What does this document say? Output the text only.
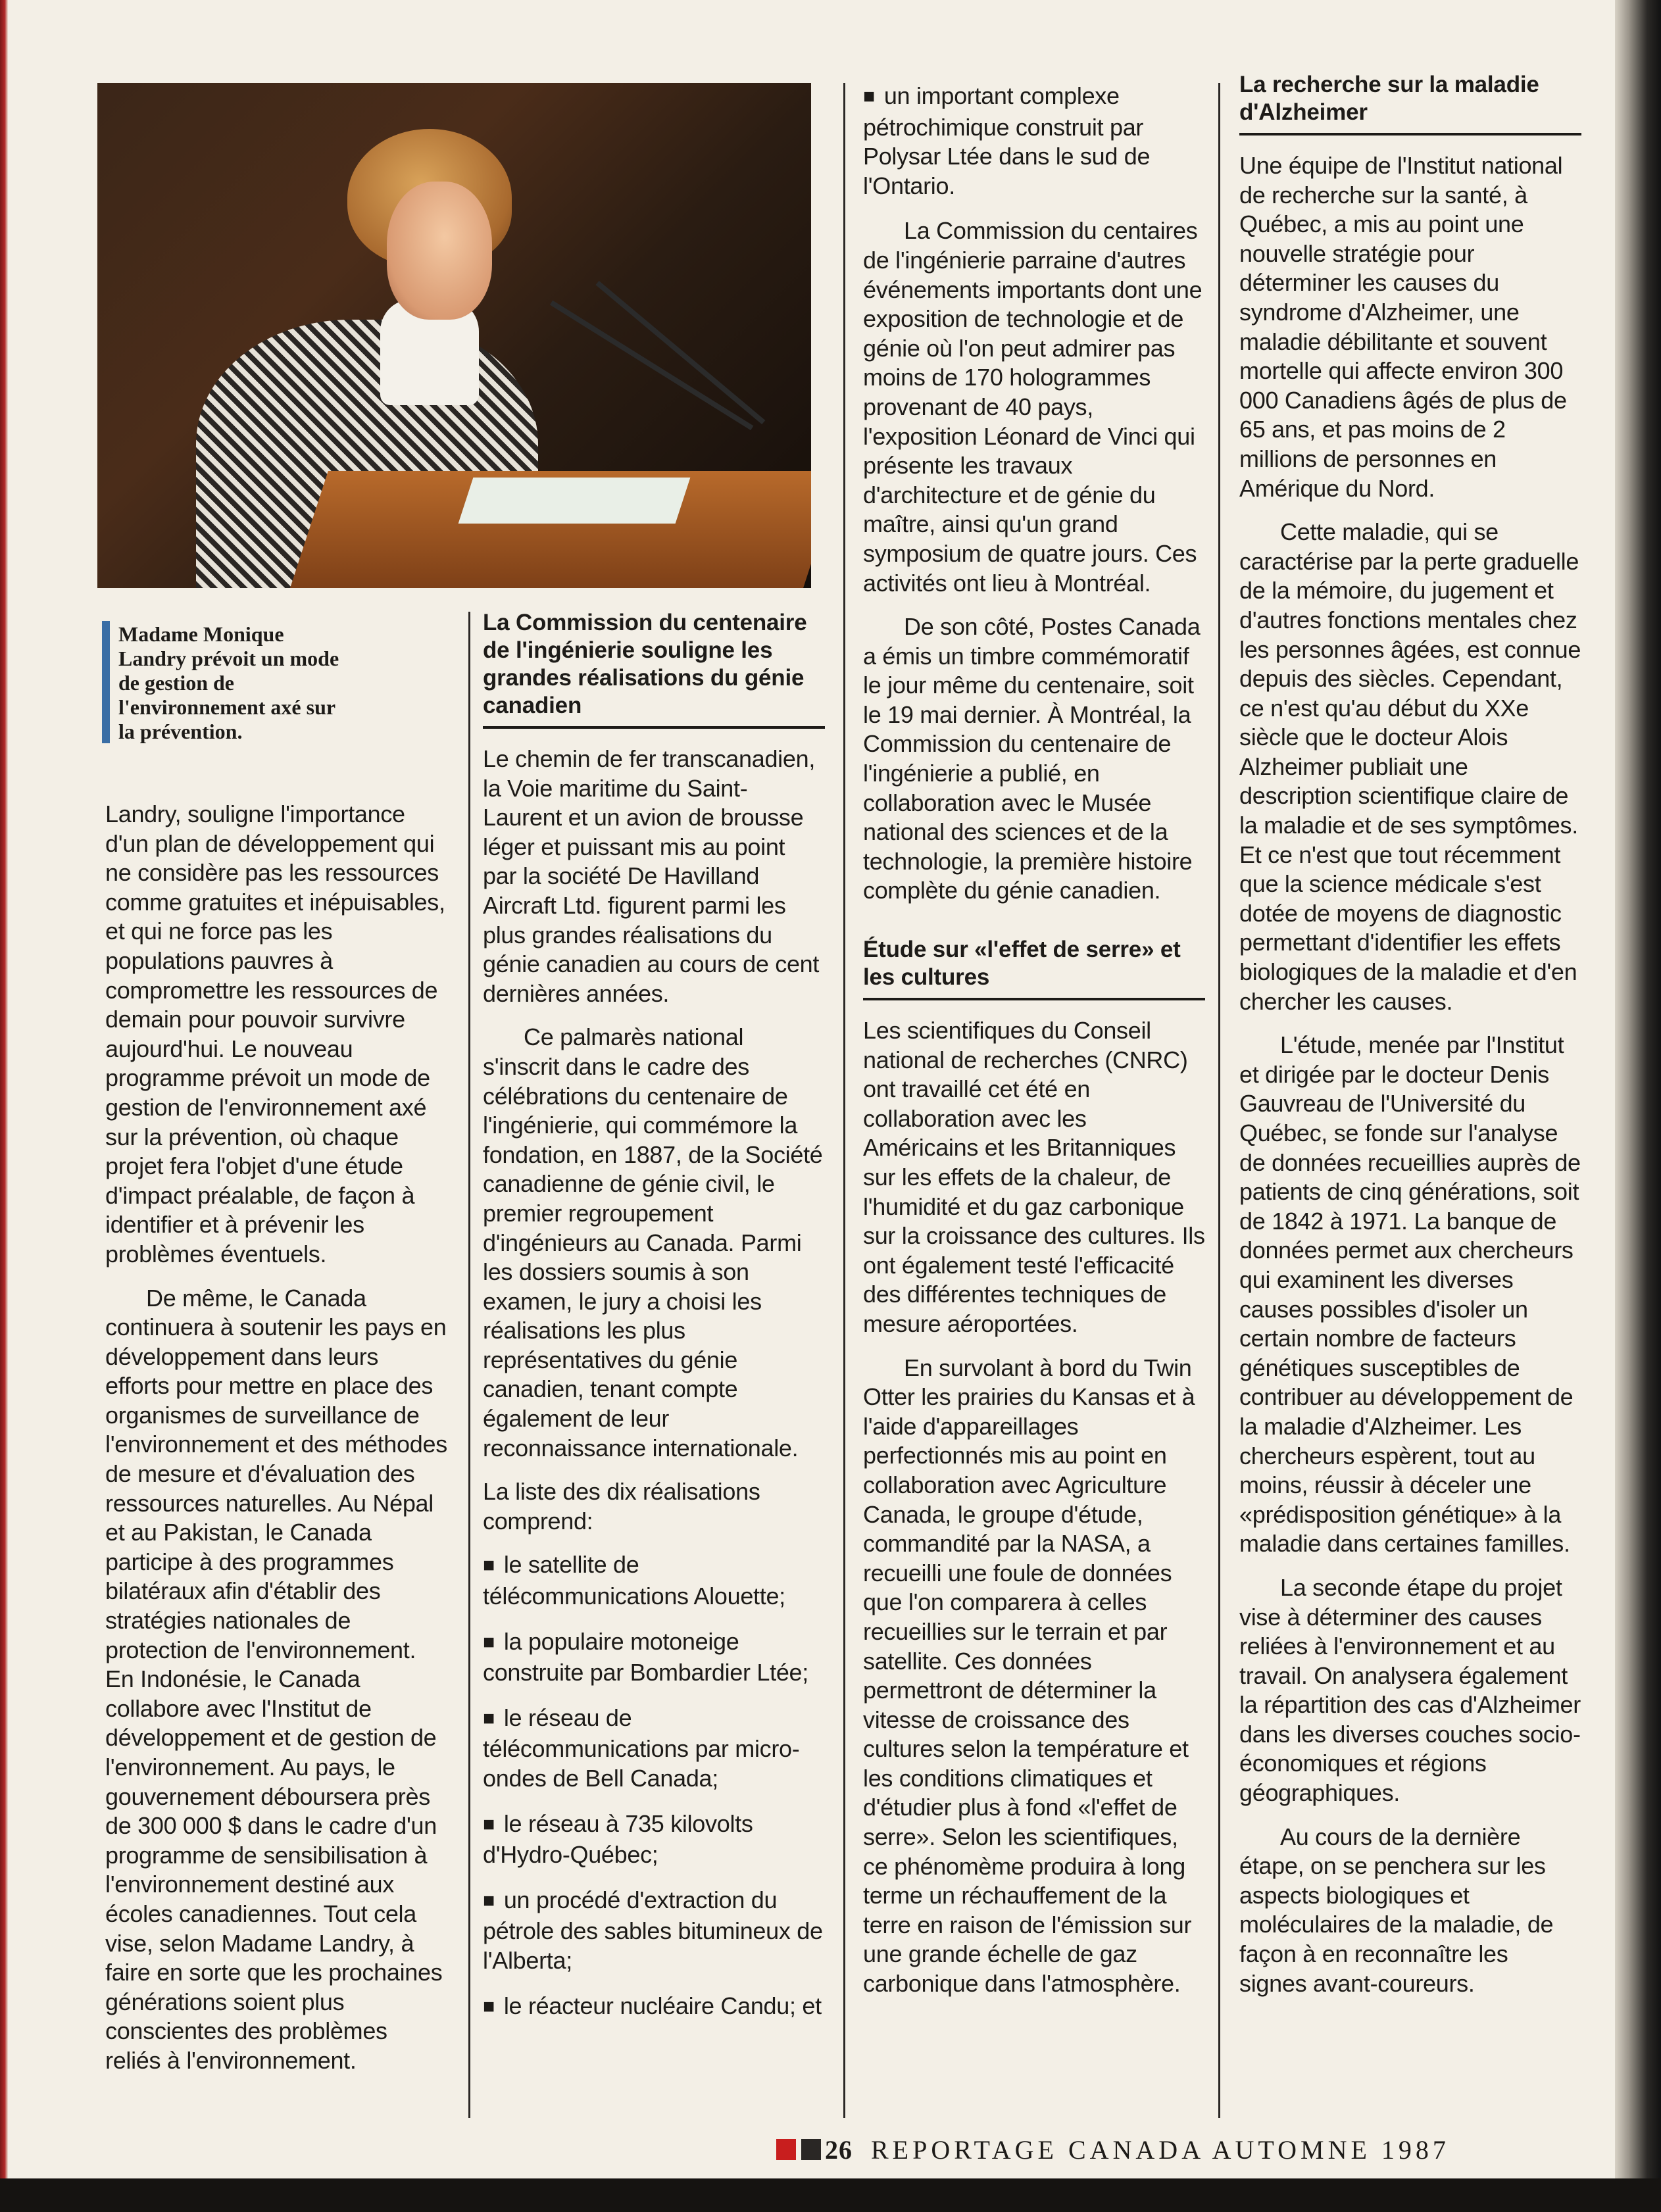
Madame Monique Landry prévoit un mode de gestion de l'environnement axé sur la prévention.

Landry, souligne l'importance d'un plan de développement qui ne considère pas les ressources comme gratuites et inépuisables, et qui ne force pas les populations pauvres à compromettre les ressources de demain pour pouvoir survivre aujourd'hui. Le nouveau programme prévoit un mode de gestion de l'environnement axé sur la prévention, où chaque projet fera l'objet d'une étude d'impact préalable, de façon à identifier et à prévenir les problèmes éventuels.

De même, le Canada continuera à soutenir les pays en développement dans leurs efforts pour mettre en place des organismes de surveillance de l'environnement et des méthodes de mesure et d'évaluation des ressources naturelles. Au Népal et au Pakistan, le Canada participe à des programmes bilatéraux afin d'établir des stratégies nationales de protection de l'environnement. En Indonésie, le Canada collabore avec l'Institut de développement et de gestion de l'environnement. Au pays, le gouvernement déboursera près de 300 000 $ dans le cadre d'un programme de sensibilisation à l'environnement destiné aux écoles canadiennes. Tout cela vise, selon Madame Landry, à faire en sorte que les prochaines générations soient plus conscientes des problèmes reliés à l'environnement.

La Commission du centenaire de l'ingénierie souligne les grandes réalisations du génie canadien

Le chemin de fer transcanadien, la Voie maritime du Saint-Laurent et un avion de brousse léger et puissant mis au point par la société De Havilland Aircraft Ltd. figurent parmi les plus grandes réalisations du génie canadien au cours de cent dernières années.

Ce palmarès national s'inscrit dans le cadre des célébrations du centenaire de l'ingénierie, qui commémore la fondation, en 1887, de la Société canadienne de génie civil, le premier regroupement d'ingénieurs au Canada. Parmi les dossiers soumis à son examen, le jury a choisi les réalisations les plus représentatives du génie canadien, tenant compte également de leur reconnaissance internationale.

La liste des dix réalisations comprend:

■ le satellite de télécommunications Alouette;

■ la populaire motoneige construite par Bombardier Ltée;

■ le réseau de télécommunications par micro-ondes de Bell Canada;

■ le réseau à 735 kilovolts d'Hydro-Québec;

■ un procédé d'extraction du pétrole des sables bitumineux de l'Alberta;

■ le réacteur nucléaire Candu; et

■ un important complexe pétrochimique construit par Polysar Ltée dans le sud de l'Ontario.

La Commission du centaires de l'ingénierie parraine d'autres événements importants dont une exposition de technologie et de génie où l'on peut admirer pas moins de 170 hologrammes provenant de 40 pays, l'exposition Léonard de Vinci qui présente les travaux d'architecture et de génie du maître, ainsi qu'un grand symposium de quatre jours. Ces activités ont lieu à Montréal.

De son côté, Postes Canada a émis un timbre commémoratif le jour même du centenaire, soit le 19 mai dernier. À Montréal, la Commission du centenaire de l'ingénierie a publié, en collaboration avec le Musée national des sciences et de la technologie, la première histoire complète du génie canadien.

Étude sur «l'effet de serre» et les cultures

Les scientifiques du Conseil national de recherches (CNRC) ont travaillé cet été en collaboration avec les Américains et les Britanniques sur les effets de la chaleur, de l'humidité et du gaz carbonique sur la croissance des cultures. Ils ont également testé l'efficacité des différentes techniques de mesure aéroportées.

En survolant à bord du Twin Otter les prairies du Kansas et à l'aide d'appareillages perfectionnés mis au point en collaboration avec Agriculture Canada, le groupe d'étude, commandité par la NASA, a recueilli une foule de données que l'on comparera à celles recueillies sur le terrain et par satellite. Ces données permettront de déterminer la vitesse de croissance des cultures selon la température et les conditions climatiques et d'étudier plus à fond «l'effet de serre». Selon les scientifiques, ce phénomème produira à long terme un réchauffement de la terre en raison de l'émission sur une grande échelle de gaz carbonique dans l'atmosphère.

La recherche sur la maladie d'Alzheimer

Une équipe de l'Institut national de recherche sur la santé, à Québec, a mis au point une nouvelle stratégie pour déterminer les causes du syndrome d'Alzheimer, une maladie débilitante et souvent mortelle qui affecte environ 300 000 Canadiens âgés de plus de 65 ans, et pas moins de 2 millions de personnes en Amérique du Nord.

Cette maladie, qui se caractérise par la perte graduelle de la mémoire, du jugement et d'autres fonctions mentales chez les personnes âgées, est connue depuis des siècles. Cependant, ce n'est qu'au début du XXe siècle que le docteur Alois Alzheimer publiait une description scientifique claire de la maladie et de ses symptômes. Et ce n'est que tout récemment que la science médicale s'est dotée de moyens de diagnostic permettant d'identifier les effets biologiques de la maladie et d'en chercher les causes.

L'étude, menée par l'Institut et dirigée par le docteur Denis Gauvreau de l'Université du Québec, se fonde sur l'analyse de données recueillies auprès de patients de cinq générations, soit de 1842 à 1971. La banque de données permet aux chercheurs qui examinent les diverses causes possibles d'isoler un certain nombre de facteurs génétiques susceptibles de contribuer au développement de la maladie d'Alzheimer. Les chercheurs espèrent, tout au moins, réussir à déceler une «prédisposition génétique» à la maladie dans certaines familles.

La seconde étape du projet vise à déterminer des causes reliées à l'environnement et au travail. On analysera également la répartition des cas d'Alzheimer dans les diverses couches socio-économiques et régions géographiques.

Au cours de la dernière étape, on se penchera sur les aspects biologiques et moléculaires de la maladie, de façon à en reconnaître les signes avant-coureurs.

26 REPORTAGE CANADA AUTOMNE 1987
